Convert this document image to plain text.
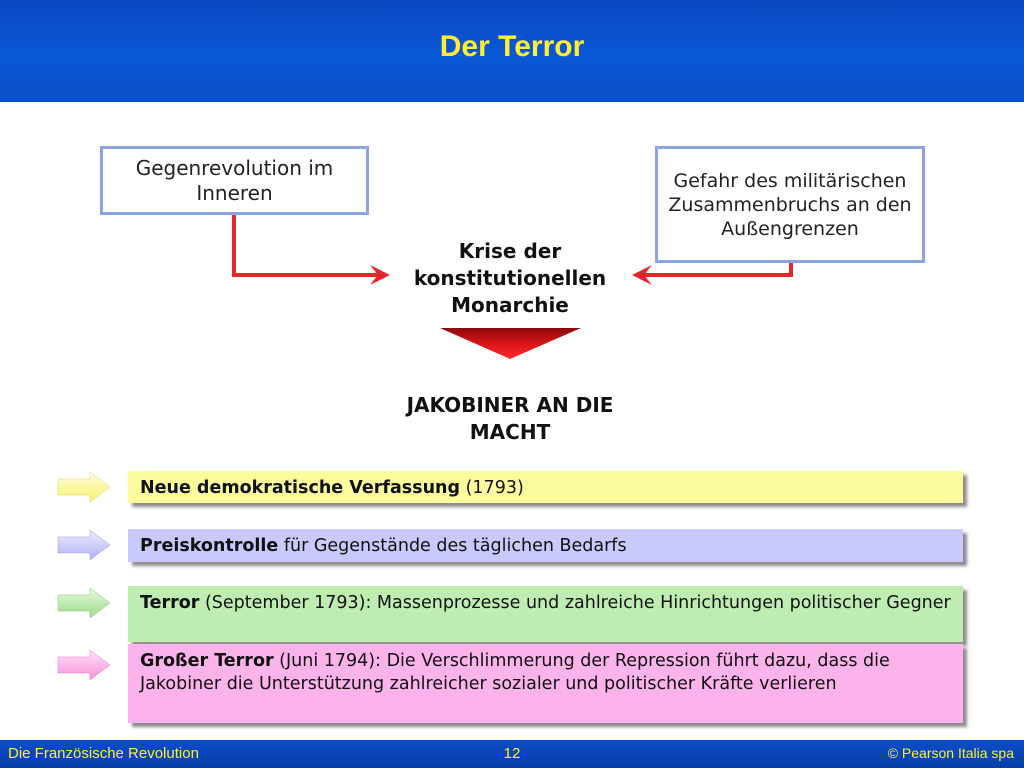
Der Terror
Gegenrevolution im Inneren	Gefahr des militärischen Zusammenbruchs an den Außengrenzen
Krise der konstitutionellen Monarchie
JAKOBINER AN DIE MACHT
Neue demokratische Verfassung (1793)
Preiskontrolle für Gegenstände des täglichen Bedarfs
Terror (September 1793): Massenprozesse und zahlreiche Hinrichtungen politischer Gegner
Großer Terror (Juni 1794): Die Verschlimmerung der Repression führt dazu, dass die Jakobiner die Unterstützung zahlreicher sozialer und politischer Kräfte verlieren
Die Französische Revolution	12	© Pearson Italia spa
